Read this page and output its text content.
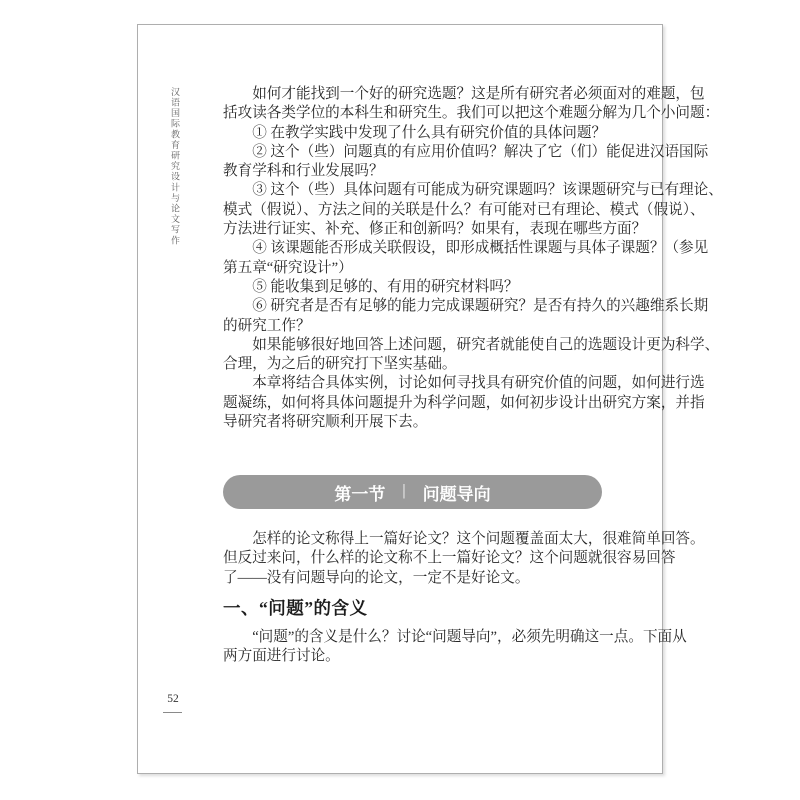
汉语国际教育研究设计与论文写作	　　如何才能找到一个好的研究选题？这是所有研究者必须面对的难题，包
括攻读各类学位的本科生和研究生。我们可以把这个难题分解为几个小问题：
　　① 在教学实践中发现了什么具有研究价值的具体问题？
　　② 这个（些）问题真的有应用价值吗？解决了它（们）能促进汉语国际
教育学科和行业发展吗？
　　③ 这个（些）具体问题有可能成为研究课题吗？该课题研究与已有理论、
模式（假说）、方法之间的关联是什么？有可能对已有理论、模式（假说）、
方法进行证实、补充、修正和创新吗？如果有，表现在哪些方面？
　　④ 该课题能否形成关联假设，即形成概括性课题与具体子课题？（参见
第五章“研究设计”）
　　⑤ 能收集到足够的、有用的研究材料吗？
　　⑥ 研究者是否有足够的能力完成课题研究？是否有持久的兴趣维系长期
的研究工作？
　　如果能够很好地回答上述问题，研究者就能使自己的选题设计更为科学、
合理，为之后的研究打下坚实基础。
　　本章将结合具体实例，讨论如何寻找具有研究价值的问题，如何进行选
题凝练，如何将具体问题提升为科学问题，如何初步设计出研究方案，并指
导研究者将研究顺利开展下去。
第一节 | 问题导向
　　怎样的论文称得上一篇好论文？这个问题覆盖面太大，很难简单回答。
但反过来问，什么样的论文称不上一篇好论文？这个问题就很容易回答
了——没有问题导向的论文，一定不是好论文。
一、“问题”的含义
　　“问题”的含义是什么？讨论“问题导向”，必须先明确这一点。下面从
两方面进行讨论。
52
